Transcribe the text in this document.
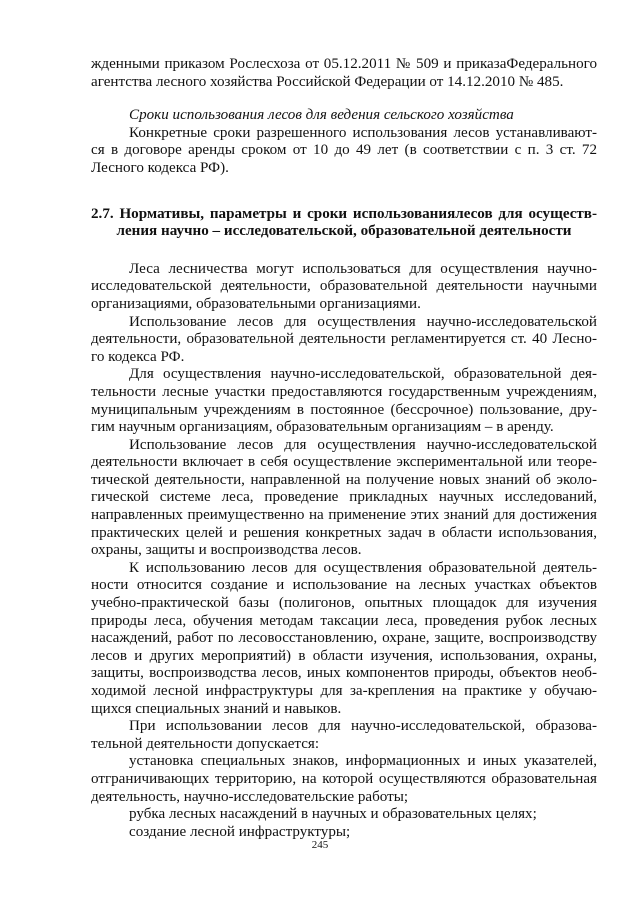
жденными приказом Рослесхоза от 05.12.2011 № 509 и приказаФедерального
агентства лесного хозяйства Российской Федерации от 14.12.2010 № 485.
Сроки использования лесов для ведения сельского хозяйства
Конкретные сроки разрешенного использования лесов устанавливают-
ся в договоре аренды сроком от 10 до 49 лет (в соответствии с п. 3 ст. 72
Лесного кодекса РФ).
2.7. Нормативы, параметры и сроки использованиялесов для осуществ-
ления научно – исследовательской, образовательной деятельности
Леса лесничества могут использоваться для осуществления научно-
исследовательской деятельности, образовательной деятельности научными
организациями, образовательными организациями.
Использование лесов для осуществления научно-исследовательской
деятельности, образовательной деятельности регламентируется ст. 40 Лесно-
го кодекса РФ.
Для осуществления научно-исследовательской, образовательной дея-
тельности лесные участки предоставляются государственным учреждениям,
муниципальным учреждениям в постоянное (бессрочное) пользование, дру-
гим научным организациям, образовательным организациям – в аренду.
Использование лесов для осуществления научно-исследовательской
деятельности включает в себя осуществление экспериментальной или теоре-
тической деятельности, направленной на получение новых знаний об эколо-
гической системе леса, проведение прикладных научных исследований,
направленных преимущественно на применение этих знаний для достижения
практических целей и решения конкретных задач в области использования,
охраны, защиты и воспроизводства лесов.
К использованию лесов для осуществления образовательной деятель-
ности относится создание и использование на лесных участках объектов
учебно-практической базы (полигонов, опытных площадок для изучения
природы леса, обучения методам таксации леса, проведения рубок лесных
насаждений, работ по лесовосстановлению, охране, защите, воспроизводству
лесов и других мероприятий) в области изучения, использования, охраны,
защиты, воспроизводства лесов, иных компонентов природы, объектов необ-
ходимой лесной инфраструктуры для за-крепления на практике у обучаю-
щихся специальных знаний и навыков.
При использовании лесов для научно-исследовательской, образова-
тельной деятельности допускается:
установка специальных знаков, информационных и иных указателей,
отграничивающих территорию, на которой осуществляются образовательная
деятельность, научно-исследовательские работы;
рубка лесных насаждений в научных и образовательных целях;
создание лесной инфраструктуры;
245
